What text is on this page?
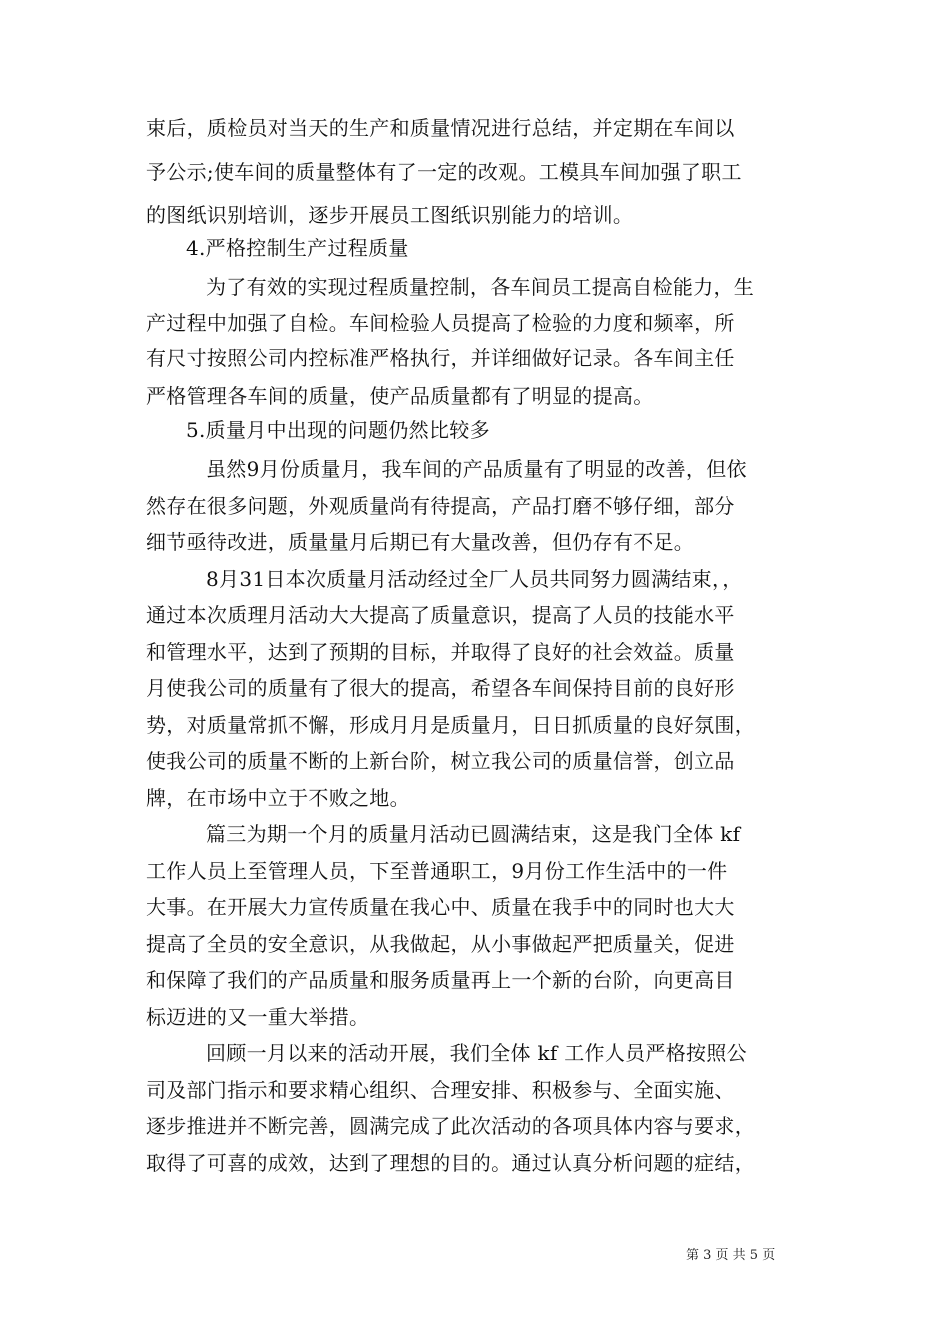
束后，质检员对当天的生产和质量情况进行总结，并定期在车间以
予公示;使车间的质量整体有了一定的改观。工模具车间加强了职工
的图纸识别培训，逐步开展员工图纸识别能力的培训。
4.严格控制生产过程质量
为了有效的实现过程质量控制，各车间员工提高自检能力，生
产过程中加强了自检。车间检验人员提高了检验的力度和频率，所
有尺寸按照公司内控标准严格执行，并详细做好记录。各车间主任
严格管理各车间的质量，使产品质量都有了明显的提高。
5.质量月中出现的问题仍然比较多
虽然9月份质量月，我车间的产品质量有了明显的改善，但依
然存在很多问题，外观质量尚有待提高，产品打磨不够仔细，部分
细节亟待改进，质量量月后期已有大量改善，但仍存有不足。
8月31日本次质量月活动经过全厂人员共同努力圆满结束，，
通过本次质理月活动大大提高了质量意识，提高了人员的技能水平
和管理水平，达到了预期的目标，并取得了良好的社会效益。质量
月使我公司的质量有了很大的提高，希望各车间保持目前的良好形
势，对质量常抓不懈，形成月月是质量月，日日抓质量的良好氛围，
使我公司的质量不断的上新台阶，树立我公司的质量信誉，创立品
牌，在市场中立于不败之地。
篇三为期一个月的质量月活动已圆满结束，这是我门全体 kf
工作人员上至管理人员，下至普通职工，9月份工作生活中的一件
大事。在开展大力宣传质量在我心中、质量在我手中的同时也大大
提高了全员的安全意识，从我做起，从小事做起严把质量关，促进
和保障了我们的产品质量和服务质量再上一个新的台阶，向更高目
标迈进的又一重大举措。
回顾一月以来的活动开展，我们全体 kf 工作人员严格按照公
司及部门指示和要求精心组织、合理安排、积极参与、全面实施、
逐步推进并不断完善，圆满完成了此次活动的各项具体内容与要求，
取得了可喜的成效，达到了理想的目的。通过认真分析问题的症结，
第 3 页 共 5 页
